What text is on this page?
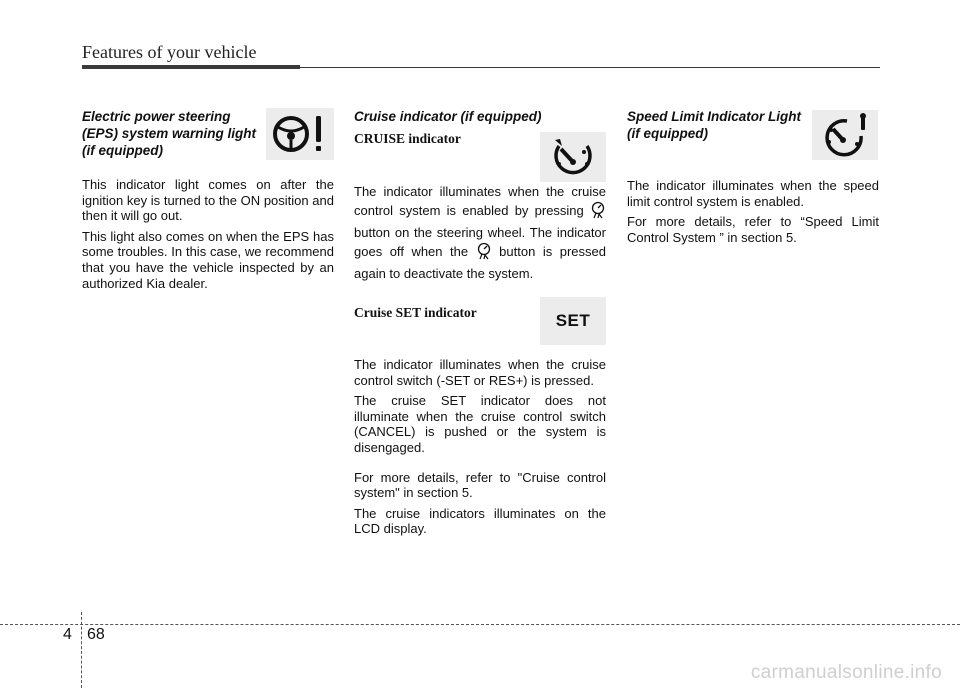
Features of your vehicle
Electric power steering
(EPS) system warning light
(if equipped)

This indicator light comes on after the ignition key is turned to the ON position and then it will go out.

This light also comes on when the EPS has some troubles. In this case, we recommend that you have the vehicle inspected by an authorized Kia dealer.

Cruise indicator (if equipped)
CRUISE indicator

The indicator illuminates when the cruise control system is enabled by pressing  button on the steering wheel. The indicator goes off when the button is pressed again to deactivate the system.

Cruise SET indicator

The indicator illuminates when the cruise control switch (-SET or RES+) is pressed.

The cruise SET indicator does not illuminate when the cruise control switch (CANCEL) is pushed or the system is disengaged.

For more details, refer to "Cruise control system" in section 5.

The cruise indicators illuminates on the LCD display.

SET
Speed Limit Indicator Light
(if equipped)

The indicator illuminates when the speed limit control system is enabled.

For more details, refer to “Speed Limit Control System ” in section 5.

4 68
carmanualsonline.info
